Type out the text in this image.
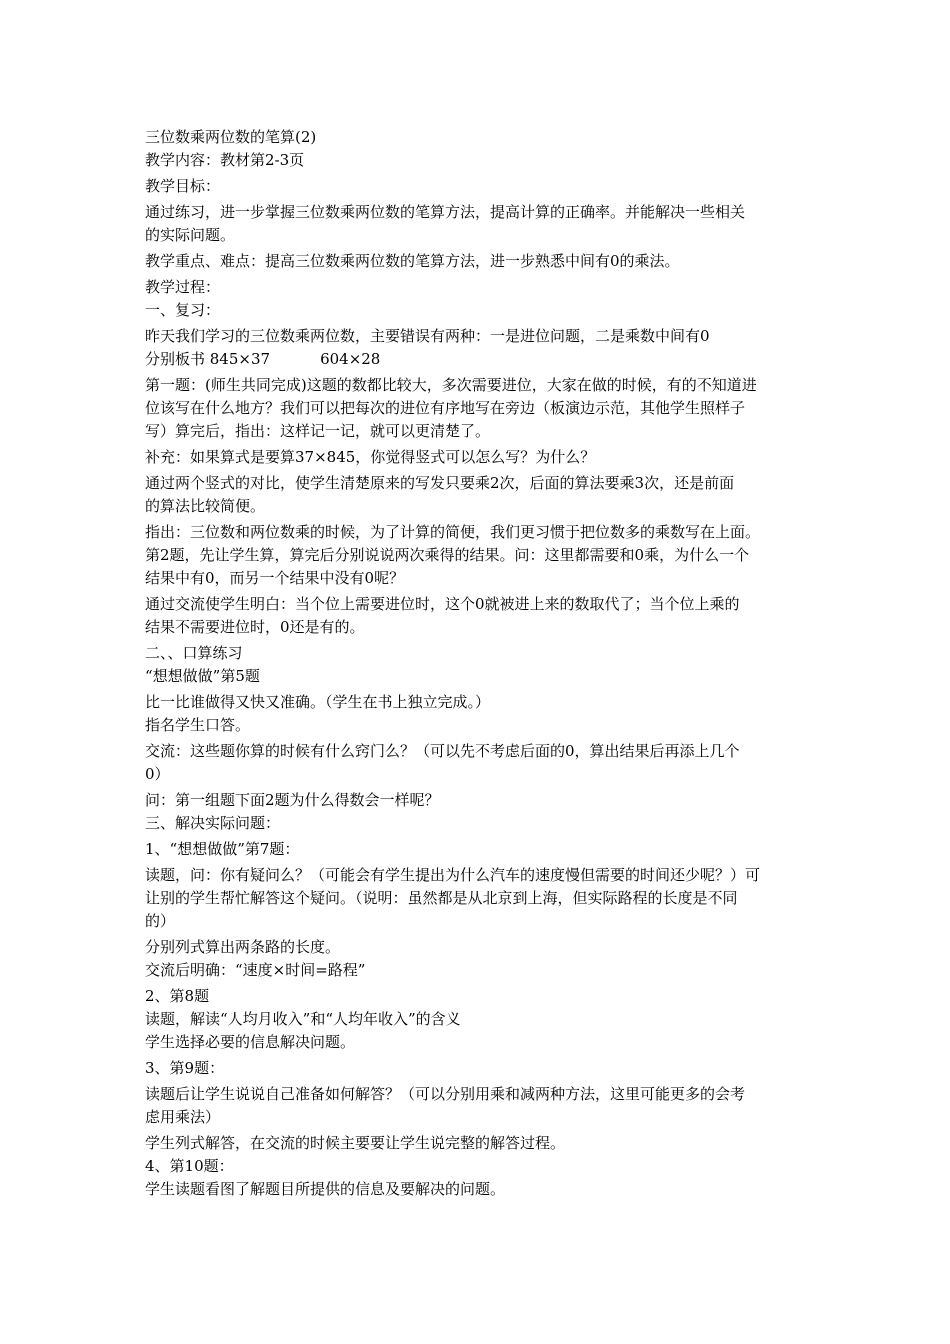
三位数乘两位数的笔算(2)

教学内容：教材第2-3页

教学目标：

通过练习，进一步掌握三位数乘两位数的笔算方法，提高计算的正确率。并能解决一些相关

的实际问题。

教学重点、难点：提高三位数乘两位数的笔算方法，进一步熟悉中间有0的乘法。

教学过程：

一、复习：

昨天我们学习的三位数乘两位数，主要错误有两种：一是进位问题，二是乘数中间有0

分别板书 845×37	604×28

第一题：(师生共同完成)这题的数都比较大，多次需要进位，大家在做的时候，有的不知道进

位该写在什么地方？我们可以把每次的进位有序地写在旁边（板演边示范，其他学生照样子

写）算完后，指出：这样记一记，就可以更清楚了。

补充：如果算式是要算37×845，你觉得竖式可以怎么写？为什么？

通过两个竖式的对比，使学生清楚原来的写发只要乘2次，后面的算法要乘3次，还是前面

的算法比较简便。

指出：三位数和两位数乘的时候，为了计算的简便，我们更习惯于把位数多的乘数写在上面。

第2题，先让学生算，算完后分别说说两次乘得的结果。问：这里都需要和0乘，为什么一个

结果中有0，而另一个结果中没有0呢？

通过交流使学生明白：当个位上需要进位时，这个0就被进上来的数取代了；当个位上乘的

结果不需要进位时，0还是有的。

二、、口算练习

“想想做做”第5题

比一比谁做得又快又准确。（学生在书上独立完成。）

指名学生口答。

交流：这些题你算的时候有什么窍门么？（可以先不考虑后面的0，算出结果后再添上几个

0）

问：第一组题下面2题为什么得数会一样呢？

三、解决实际问题：

1、“想想做做”第7题：

读题，问：你有疑问么？（可能会有学生提出为什么汽车的速度慢但需要的时间还少呢？）可

让别的学生帮忙解答这个疑问。（说明：虽然都是从北京到上海，但实际路程的长度是不同

的）

分别列式算出两条路的长度。

交流后明确：“速度×时间=路程”

2、第8题

读题，解读“人均月收入”和“人均年收入”的含义

学生选择必要的信息解决问题。

3、第9题：

读题后让学生说说自己准备如何解答？（可以分别用乘和减两种方法，这里可能更多的会考

虑用乘法）

学生列式解答，在交流的时候主要要让学生说完整的解答过程。

4、第10题：

学生读题看图了解题目所提供的信息及要解决的问题。
